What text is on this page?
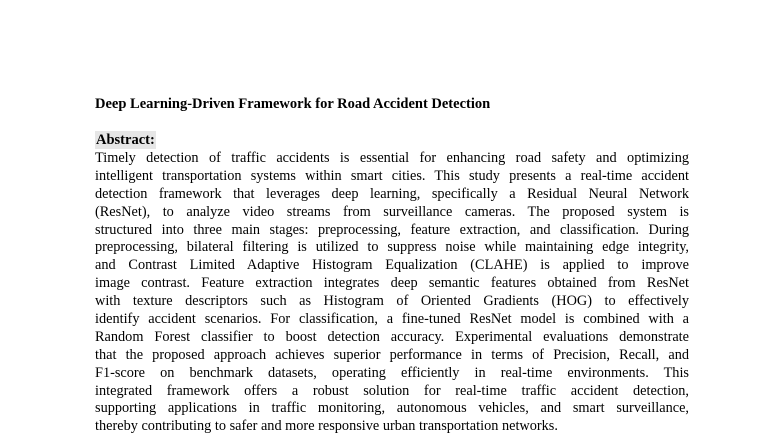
Deep Learning-Driven Framework for Road Accident Detection
Abstract:
Timely detection of traffic accidents is essential for enhancing road safety and optimizing
intelligent transportation systems within smart cities. This study presents a real-time accident
detection framework that leverages deep learning, specifically a Residual Neural Network
(ResNet), to analyze video streams from surveillance cameras. The proposed system is
structured into three main stages: preprocessing, feature extraction, and classification. During
preprocessing, bilateral filtering is utilized to suppress noise while maintaining edge integrity,
and Contrast Limited Adaptive Histogram Equalization (CLAHE) is applied to improve
image contrast. Feature extraction integrates deep semantic features obtained from ResNet
with texture descriptors such as Histogram of Oriented Gradients (HOG) to effectively
identify accident scenarios. For classification, a fine-tuned ResNet model is combined with a
Random Forest classifier to boost detection accuracy. Experimental evaluations demonstrate
that the proposed approach achieves superior performance in terms of Precision, Recall, and
F1-score on benchmark datasets, operating efficiently in real-time environments. This
integrated framework offers a robust solution for real-time traffic accident detection,
supporting applications in traffic monitoring, autonomous vehicles, and smart surveillance,
thereby contributing to safer and more responsive urban transportation networks.
